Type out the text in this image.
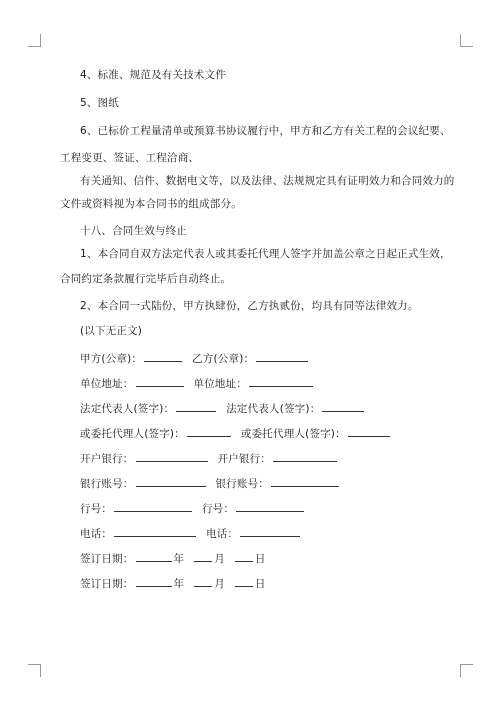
4、标准、规范及有关技术文件
5、图纸
6、已标价工程量清单或预算书协议履行中，甲方和乙方有关工程的会议纪要、
工程变更、签证、工程洽商、
有关通知、信件、数据电文等，以及法律、法规规定具有证明效力和合同效力的
文件或资料视为本合同书的组成部分。
十八、合同生效与终止
1、本合同自双方法定代表人或其委托代理人签字并加盖公章之日起正式生效，
合同约定条款履行完毕后自动终止。
2、本合同一式陆份，甲方执肆份，乙方执贰份，均具有同等法律效力。
(以下无正文)
甲方(公章)：	乙方(公章)：
单位地址：	单位地址：
法定代表人(签字)：	法定代表人(签字)：
或委托代理人(签字)：	或委托代理人(签字)：
开户银行：	开户银行：
银行账号：	银行账号：
行号：	行号：
电话：	电话：
签订日期：	年	月	日
签订日期：	年	月	日
